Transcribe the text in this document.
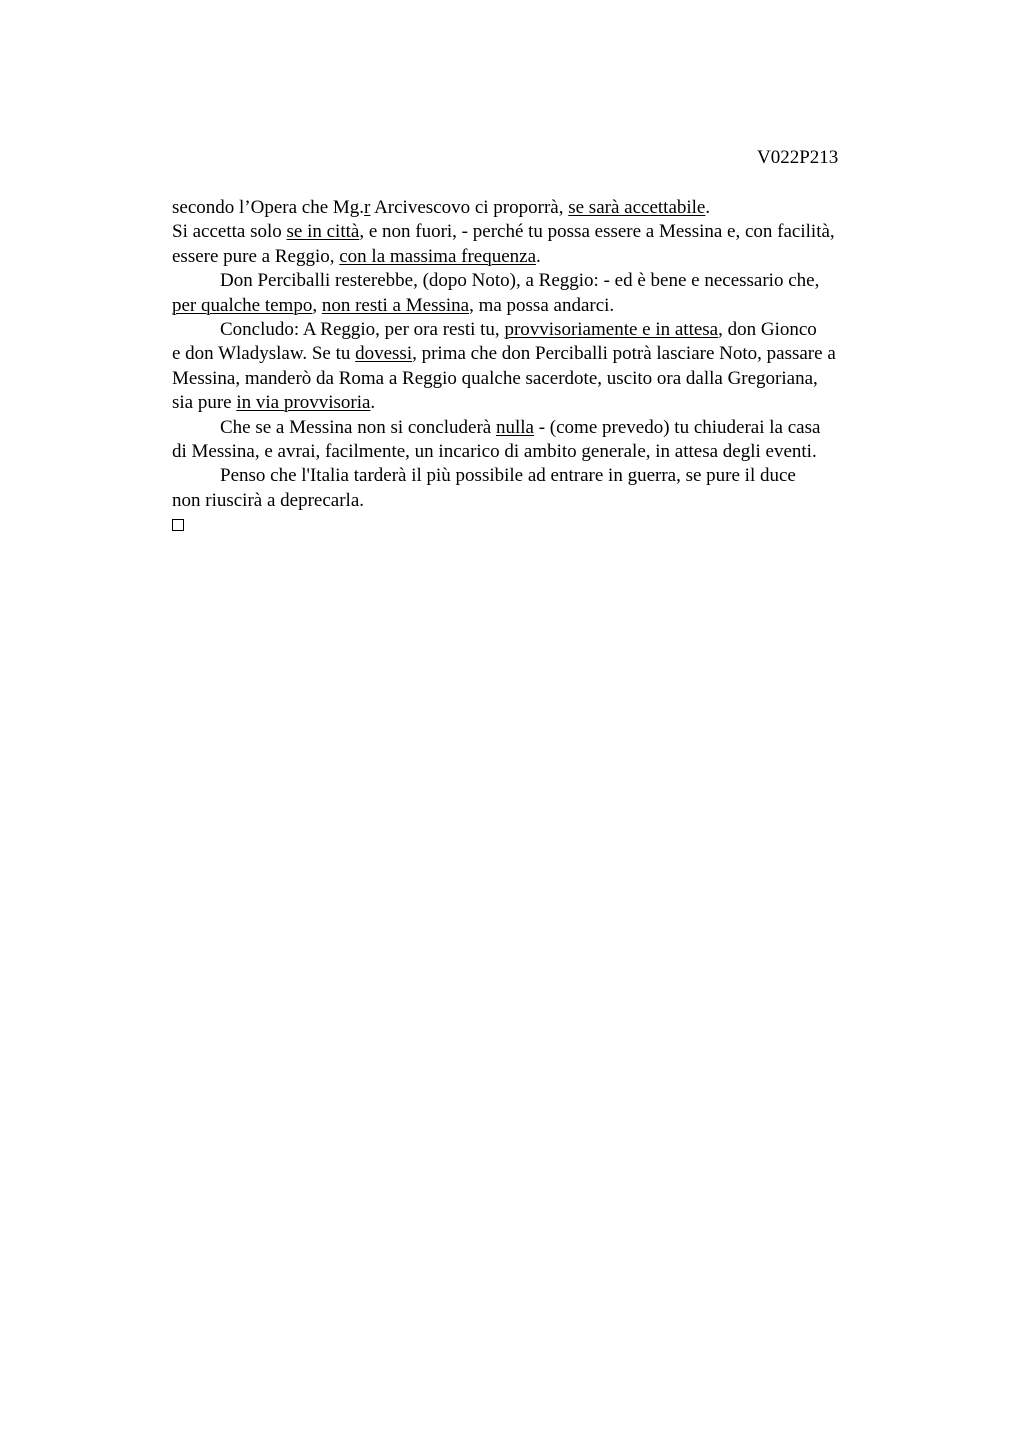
V022P213
secondo l’Opera che Mg.r Arcivescovo ci proporrà, se sarà accettabile.
Si accetta solo se in città, e non fuori, - perché tu possa essere a Messina e, con facilità,
essere pure a Reggio, con la massima frequenza.
Don Perciballi resterebbe, (dopo Noto), a Reggio: - ed è bene e necessario che,
per qualche tempo, non resti a Messina, ma possa andarci.
Concludo: A Reggio, per ora resti tu, provvisoriamente e in attesa, don Gionco
e don Wladyslaw. Se tu dovessi, prima che don Perciballi potrà lasciare Noto, passare a
Messina, manderò da Roma a Reggio qualche sacerdote, uscito ora dalla Gregoriana,
sia pure in via provvisoria.
Che se a Messina non si concluderà nulla - (come prevedo) tu chiuderai la casa
di Messina, e avrai, facilmente, un incarico di ambito generale, in attesa degli eventi.
Penso che l'Italia tarderà il più possibile ad entrare in guerra, se pure il duce
non riuscirà a deprecarla.
